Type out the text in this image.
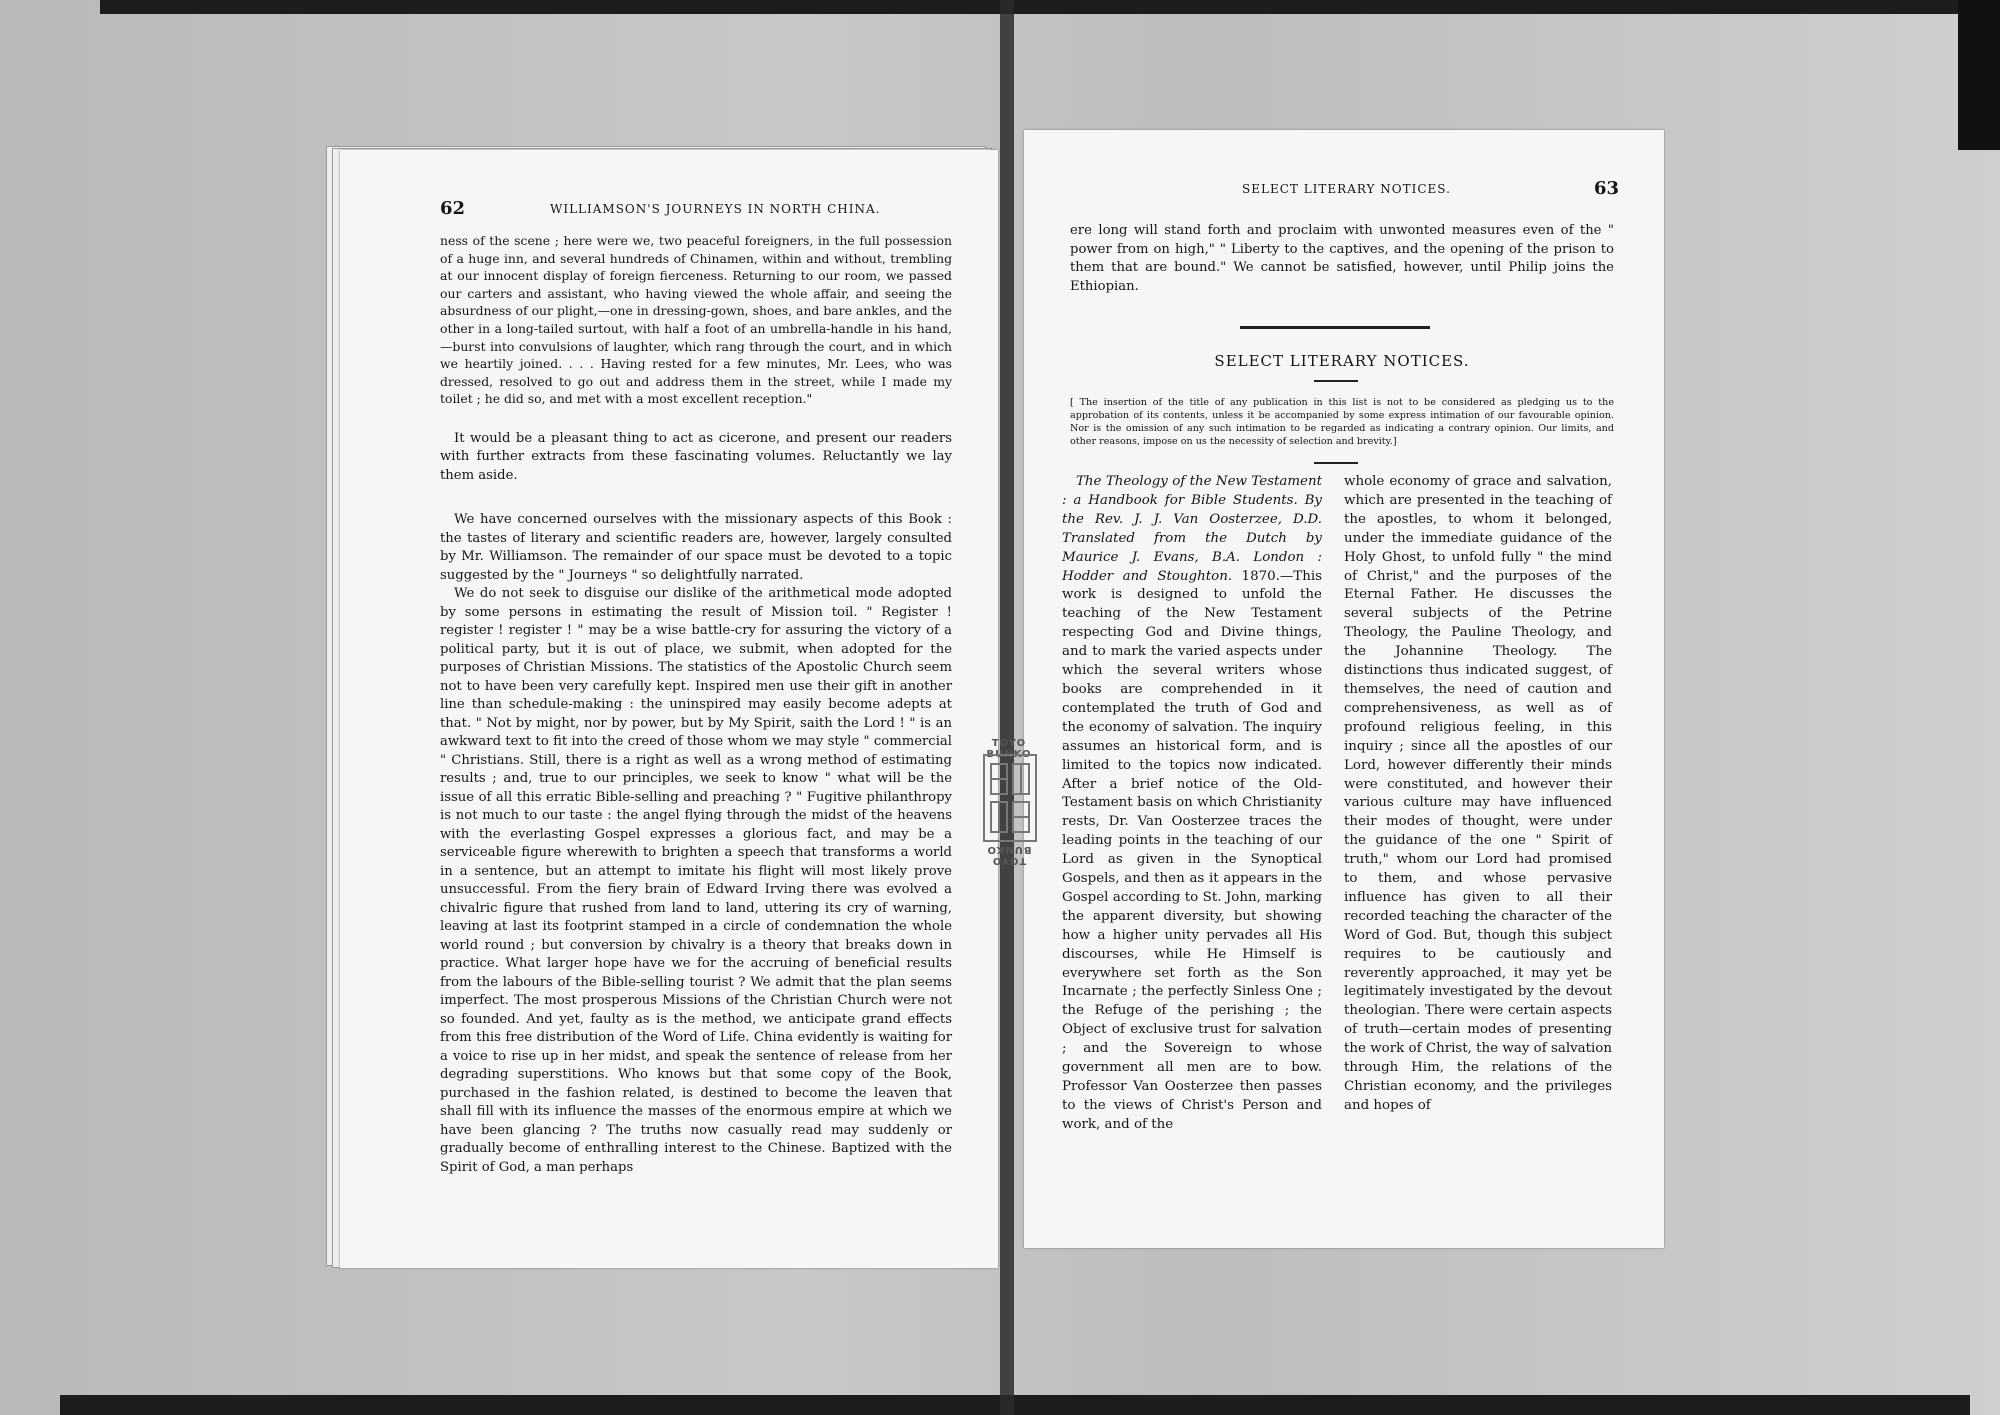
62	WILLIAMSON'S JOURNEYS IN NORTH CHINA.

ness of the scene ; here were we, two peaceful foreigners, in the full possession of a huge inn, and several hundreds of Chinamen, within and without, trembling at our innocent display of foreign fierceness. Returning to our room, we passed our carters and assistant, who having viewed the whole affair, and seeing the absurdness of our plight,—one in dressing-gown, shoes, and bare ankles, and the other in a long-tailed surtout, with half a foot of an umbrella-handle in his hand,—burst into convulsions of laughter, which rang through the court, and in which we heartily joined. . . . Having rested for a few minutes, Mr. Lees, who was dressed, resolved to go out and address them in the street, while I made my toilet ; he did so, and met with a most excellent reception."

It would be a pleasant thing to act as cicerone, and present our readers with further extracts from these fascinating volumes. Reluctantly we lay them aside.

We have concerned ourselves with the missionary aspects of this Book : the tastes of literary and scientific readers are, however, largely consulted by Mr. Williamson. The remainder of our space must be devoted to a topic suggested by the " Journeys " so delightfully narrated.

We do not seek to disguise our dislike of the arithmetical mode adopted by some persons in estimating the result of Mission toil. " Register ! register ! register ! " may be a wise battle-cry for assuring the victory of a political party, but it is out of place, we submit, when adopted for the purposes of Christian Missions. The statistics of the Apostolic Church seem not to have been very carefully kept. Inspired men use their gift in another line than schedule-making : the uninspired may easily become adepts at that. " Not by might, nor by power, but by My Spirit, saith the Lord ! " is an awkward text to fit into the creed of those whom we may style " commercial " Christians. Still, there is a right as well as a wrong method of estimating results ; and, true to our principles, we seek to know " what will be the issue of all this erratic Bible-selling and preaching ? " Fugitive philanthropy is not much to our taste : the angel flying through the midst of the heavens with the everlasting Gospel expresses a glorious fact, and may be a serviceable figure wherewith to brighten a speech that transforms a world in a sentence, but an attempt to imitate his flight will most likely prove unsuccessful. From the fiery brain of Edward Irving there was evolved a chivalric figure that rushed from land to land, uttering its cry of warning, leaving at last its footprint stamped in a circle of condemnation the whole world round ; but conversion by chivalry is a theory that breaks down in practice. What larger hope have we for the accruing of beneficial results from the labours of the Bible-selling tourist ? We admit that the plan seems imperfect. The most prosperous Missions of the Christian Church were not so founded. And yet, faulty as is the method, we anticipate grand effects from this free distribution of the Word of Life. China evidently is waiting for a voice to rise up in her midst, and speak the sentence of release from her degrading superstitions. Who knows but that some copy of the Book, purchased in the fashion related, is destined to become the leaven that shall fill with its influence the masses of the enormous empire at which we have been glancing ? The truths now casually read may suddenly or gradually become of enthralling interest to the Chinese. Baptized with the Spirit of God, a man perhaps

SELECT LITERARY NOTICES.	63

ere long will stand forth and proclaim with unwonted measures even of the " power from on high," " Liberty to the captives, and the opening of the prison to them that are bound." We cannot be satisfied, however, until Philip joins the Ethiopian.

SELECT LITERARY NOTICES.
[ The insertion of the title of any publication in this list is not to be considered as pledging us to the approbation of its contents, unless it be accompanied by some express intimation of our favourable opinion. Nor is the omission of any such intimation to be regarded as indicating a contrary opinion. Our limits, and other reasons, impose on us the necessity of selection and brevity.]

The Theology of the New Testament : a Handbook for Bible Students. By the Rev. J. J. Van Oosterzee, D.D. Translated from the Dutch by Maurice J. Evans, B.A. London : Hodder and Stoughton. 1870.—This work is designed to unfold the teaching of the New Testament respecting God and Divine things, and to mark the varied aspects under which the several writers whose books are comprehended in it contemplated the truth of God and the economy of salvation. The inquiry assumes an historical form, and is limited to the topics now indicated. After a brief notice of the Old-Testament basis on which Christianity rests, Dr. Van Oosterzee traces the leading points in the teaching of our Lord as given in the Synoptical Gospels, and then as it appears in the Gospel according to St. John, marking the apparent diversity, but showing how a higher unity pervades all His discourses, while He Himself is everywhere set forth as the Son Incarnate ; the perfectly Sinless One ; the Refuge of the perishing ; the Object of exclusive trust for salvation ; and the Sovereign to whose government all men are to bow. Professor Van Oosterzee then passes to the views of Christ's Person and work, and of the

whole economy of grace and salvation, which are presented in the teaching of the apostles, to whom it belonged, under the immediate guidance of the Holy Ghost, to unfold fully " the mind of Christ," and the purposes of the Eternal Father. He discusses the several subjects of the Petrine Theology, the Pauline Theology, and the Johannine Theology. The distinctions thus indicated suggest, of themselves, the need of caution and comprehensiveness, as well as of profound religious feeling, in this inquiry ; since all the apostles of our Lord, however differently their minds were constituted, and however their various culture may have influenced their modes of thought, were under the guidance of the one " Spirit of truth," whom our Lord had promised to them, and whose pervasive influence has given to all their recorded teaching the character of the Word of God. But, though this subject requires to be cautiously and reverently approached, it may yet be legitimately investigated by the devout theologian. There were certain aspects of truth—certain modes of presenting the work of Christ, the way of salvation through Him, the relations of the Christian economy, and the privileges and hopes of

TOYO BUNKO
TOYO BUNKO
